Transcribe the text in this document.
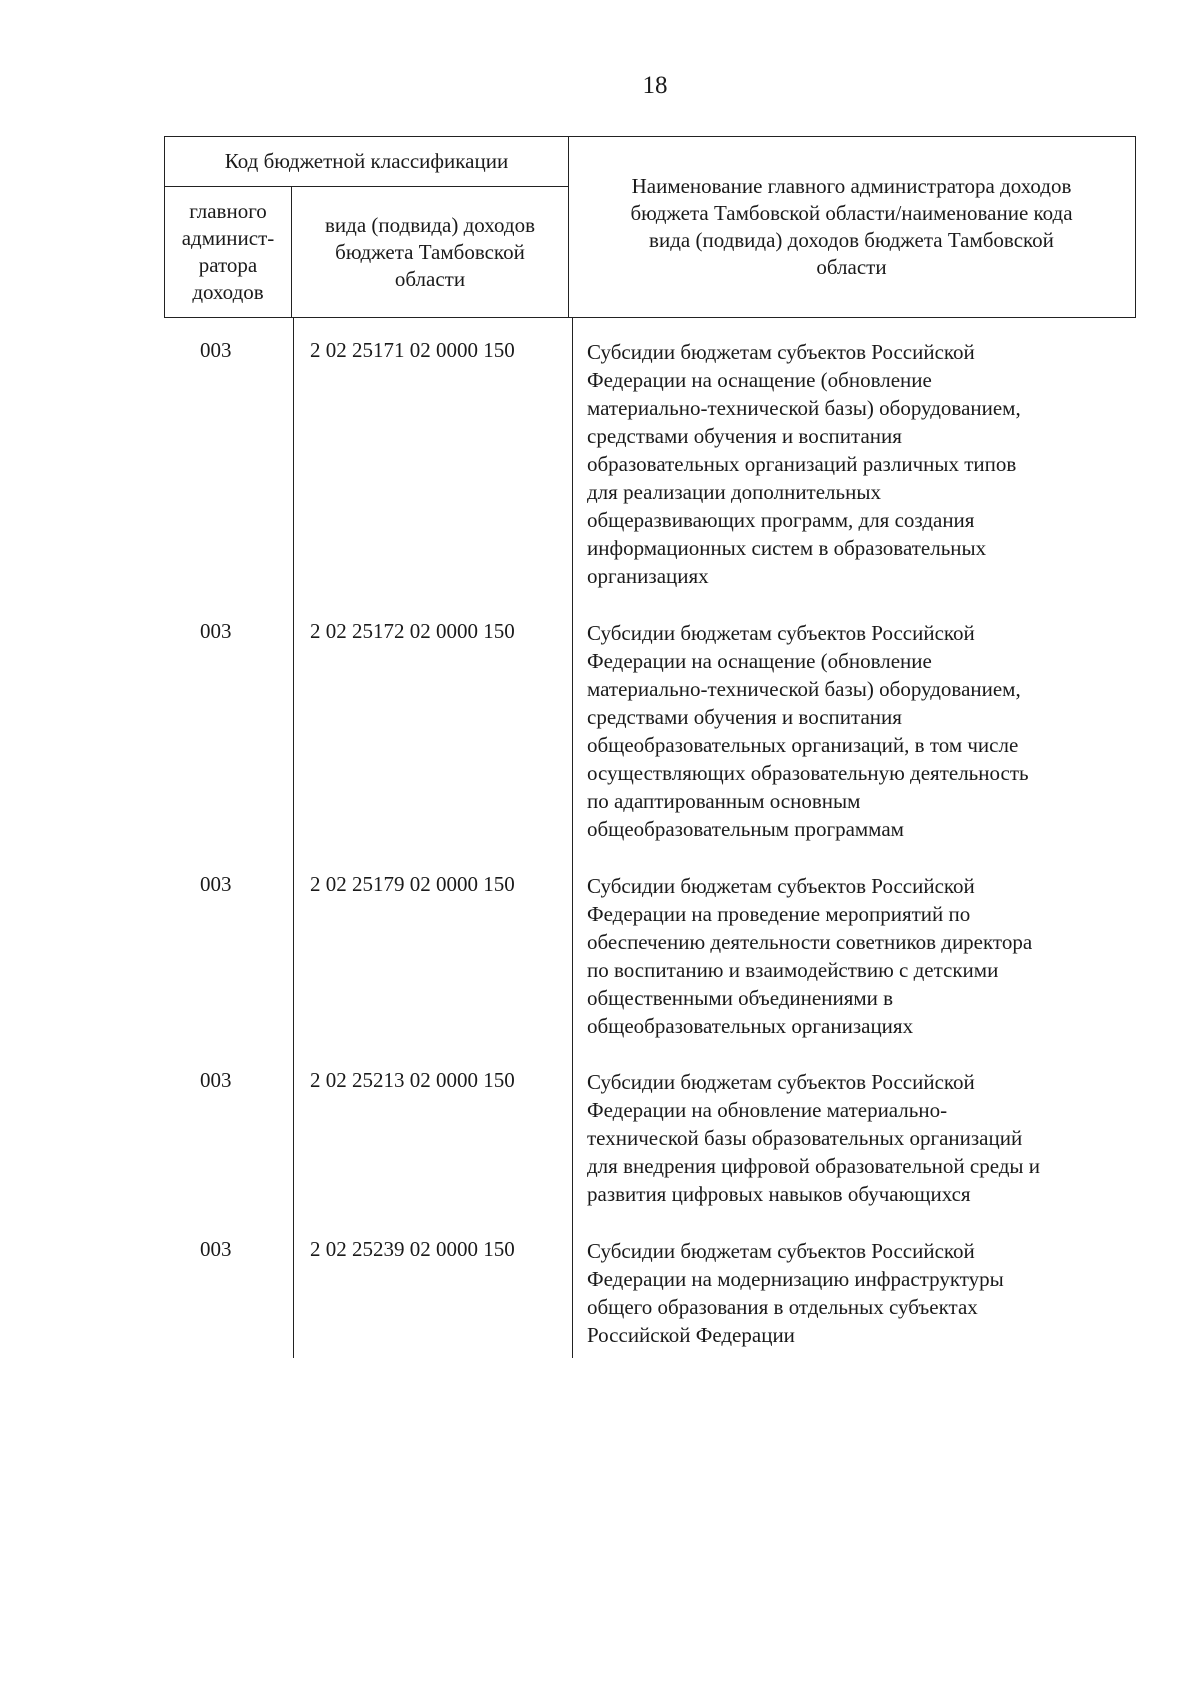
18
Код бюджетной классификации
главного
админист-
ратора
доходов
вида (подвида) доходов
бюджета Тамбовской
области
Наименование главного администратора доходов
бюджета Тамбовской области/наименование кода
вида (подвида) доходов бюджета Тамбовской
области
003	2 02 25171 02 0000 150	Субсидии бюджетам субъектов Российской
Федерации на оснащение (обновление
материально-технической базы) оборудованием,
средствами обучения и воспитания
образовательных организаций различных типов
для реализации дополнительных
общеразвивающих программ, для создания
информационных систем в образовательных
организациях
003	2 02 25172 02 0000 150	Субсидии бюджетам субъектов Российской
Федерации на оснащение (обновление
материально-технической базы) оборудованием,
средствами обучения и воспитания
общеобразовательных организаций, в том числе
осуществляющих образовательную деятельность
по адаптированным основным
общеобразовательным программам
003	2 02 25179 02 0000 150	Субсидии бюджетам субъектов Российской
Федерации на проведение мероприятий по
обеспечению деятельности советников директора
по воспитанию и взаимодействию с детскими
общественными объединениями в
общеобразовательных организациях
003	2 02 25213 02 0000 150	Субсидии бюджетам субъектов Российской
Федерации на обновление материально-
технической базы образовательных организаций
для внедрения цифровой образовательной среды и
развития цифровых навыков обучающихся
003	2 02 25239 02 0000 150	Субсидии бюджетам субъектов Российской
Федерации на модернизацию инфраструктуры
общего образования в отдельных субъектах
Российской Федерации
